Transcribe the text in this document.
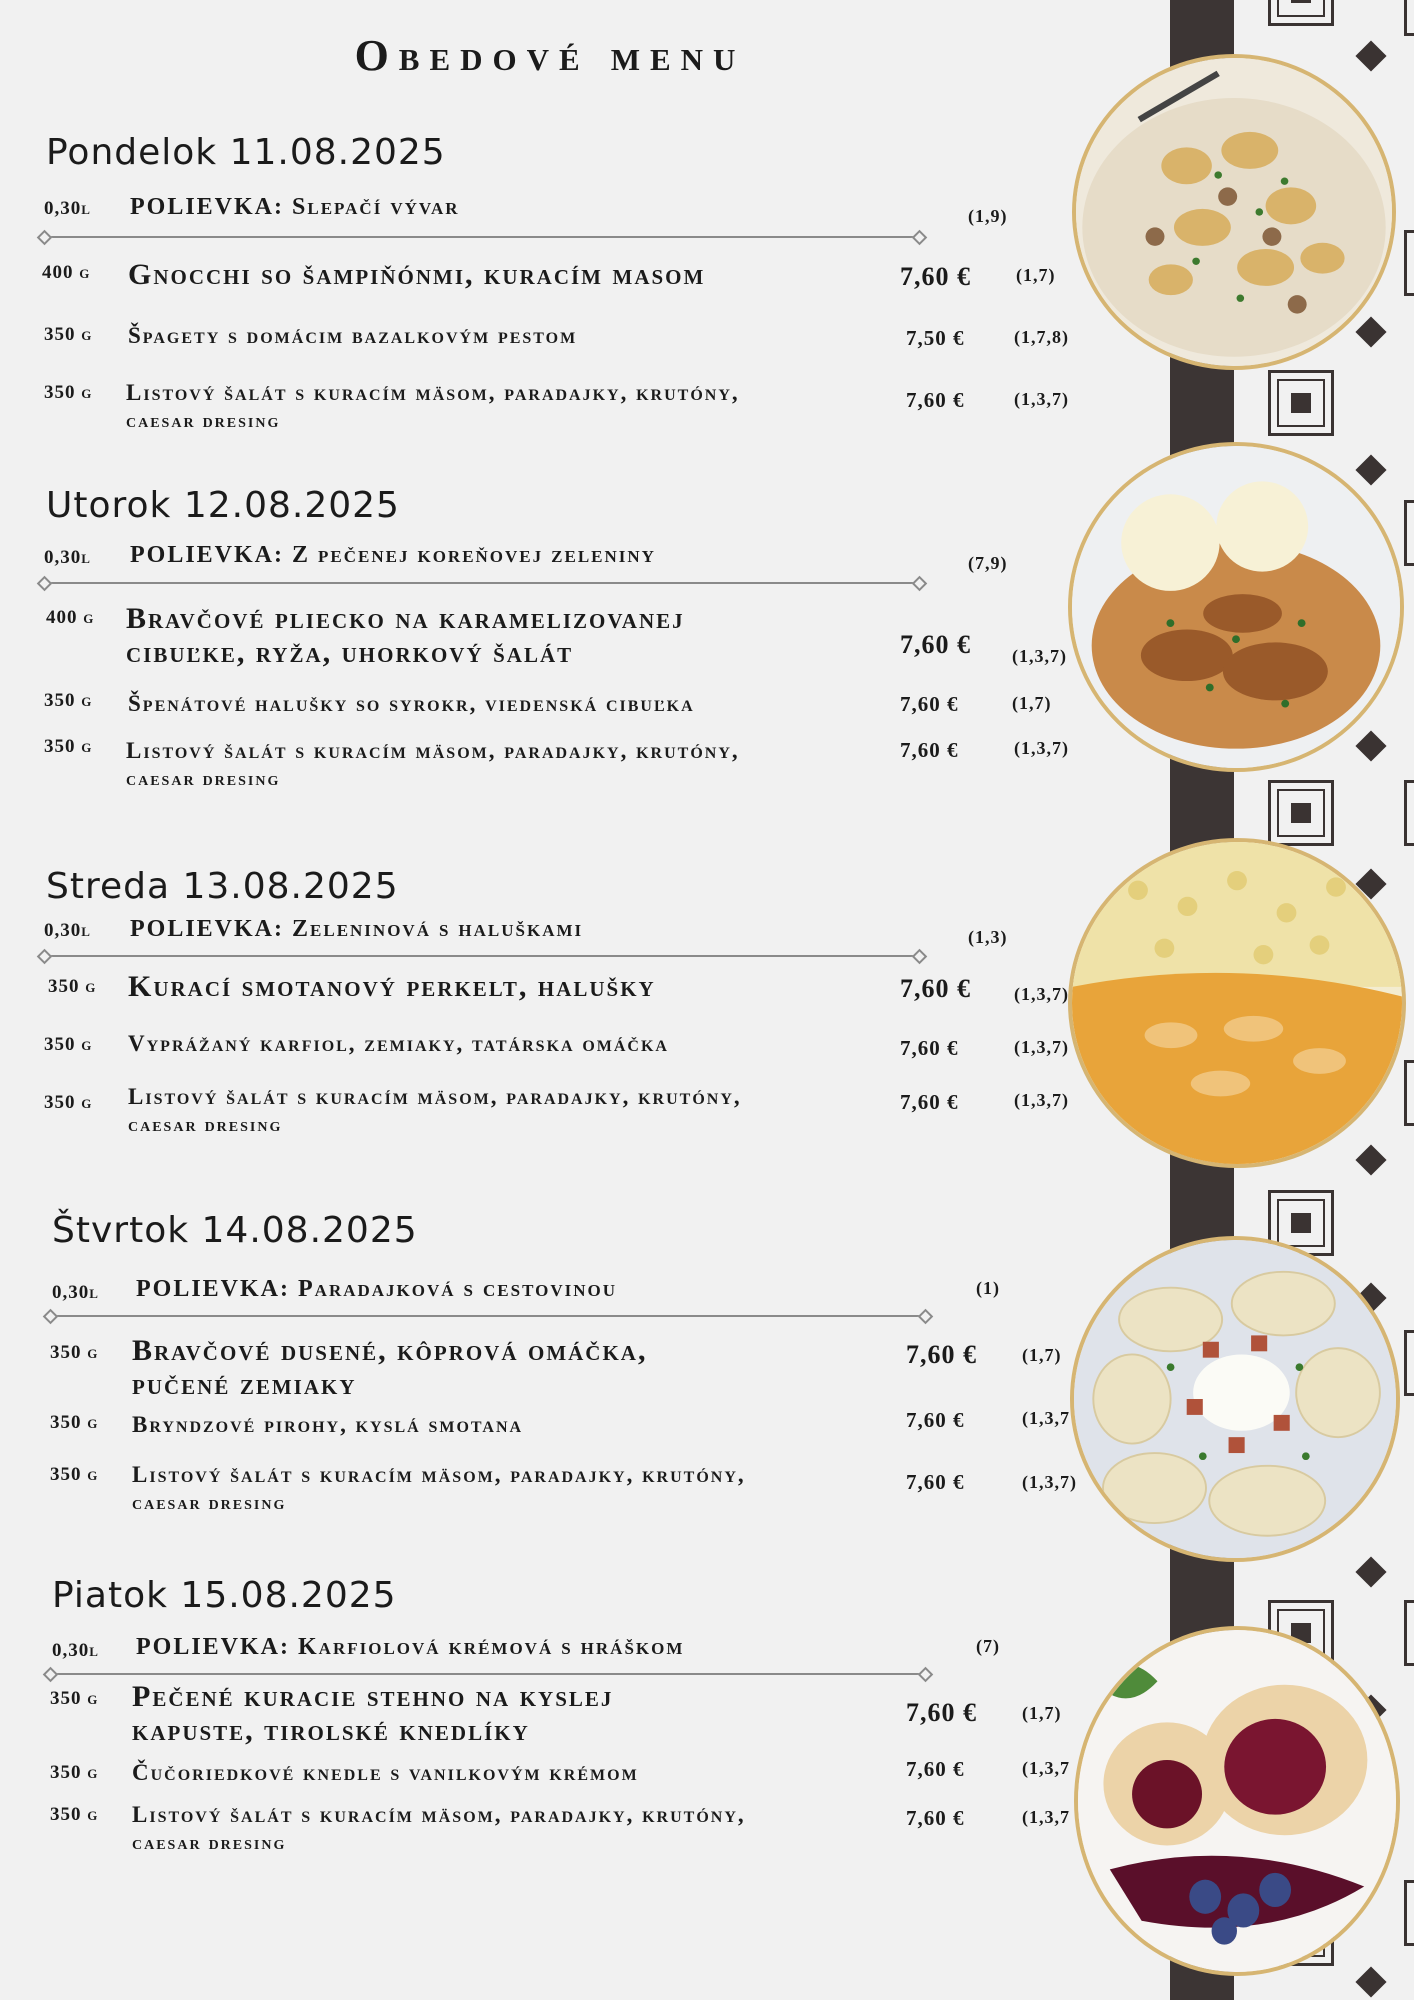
Obedové menu
Pondelok 11.08.2025
0,30l POLIEVKA: Slepačí vývar	(1,9)
400 g Gnocchi so šampiňónmi, kuracím masom	7,60 €	(1,7)
350 g Špagety s domácim bazalkovým pestom	7,50 €	(1,7,8)
350 g Listový šalát s kuracím mäsom, paradajky, krutóny,
caesar dresing
7,60 €	(1,3,7)
Utorok 12.08.2025
0,30l POLIEVKA: Z pečenej koreňovej zeleniny	(7,9)
400 g Bravčové pliecko na karamelizovanej
cibuľke, ryža, uhorkový šalát	7,60 € (1,3,7)
350 g Špenátové halušky so syrokr, viedenská cibuľka	7,60 €	(1,7)
350 g Listový šalát s kuracím mäsom, paradajky, krutóny,
caesar dresing
7,60 €	(1,3,7)
Streda 13.08.2025
0,30l POLIEVKA: Zeleninová s haluškami	(1,3)
350 g Kurací smotanový perkelt, halušky	7,60 € (1,3,7)
350 g Vyprážaný karfiol, zemiaky, tatárska omáčka	7,60 €	(1,3,7)
350 g Listový šalát s kuracím mäsom, paradajky, krutóny,
caesar dresing
7,60 €	(1,3,7)
Štvrtok 14.08.2025
0,30l POLIEVKA: Paradajková s cestovinou	(1)
350 g Bravčové dusené, kôprová omáčka,
pučené zemiaky
7,60 €	(1,7)
350 g Bryndzové pirohy, kyslá smotana	7,60 €	(1,3,7
350 g Listový šalát s kuracím mäsom, paradajky, krutóny,
caesar dresing
7,60 €	(1,3,7)
Piatok 15.08.2025
0,30l POLIEVKA: Karfiolová krémová s hráškom	(7)
350 g Pečené kuracie stehno na kyslej
kapuste, tirolské knedlíky
7,60 €	(1,7)
350 g Čučoriedkové knedle s vanilkovým krémom	7,60 €	(1,3,7
350 g Listový šalát s kuracím mäsom, paradajky, krutóny,
caesar dresing
7,60 €	(1,3,7
